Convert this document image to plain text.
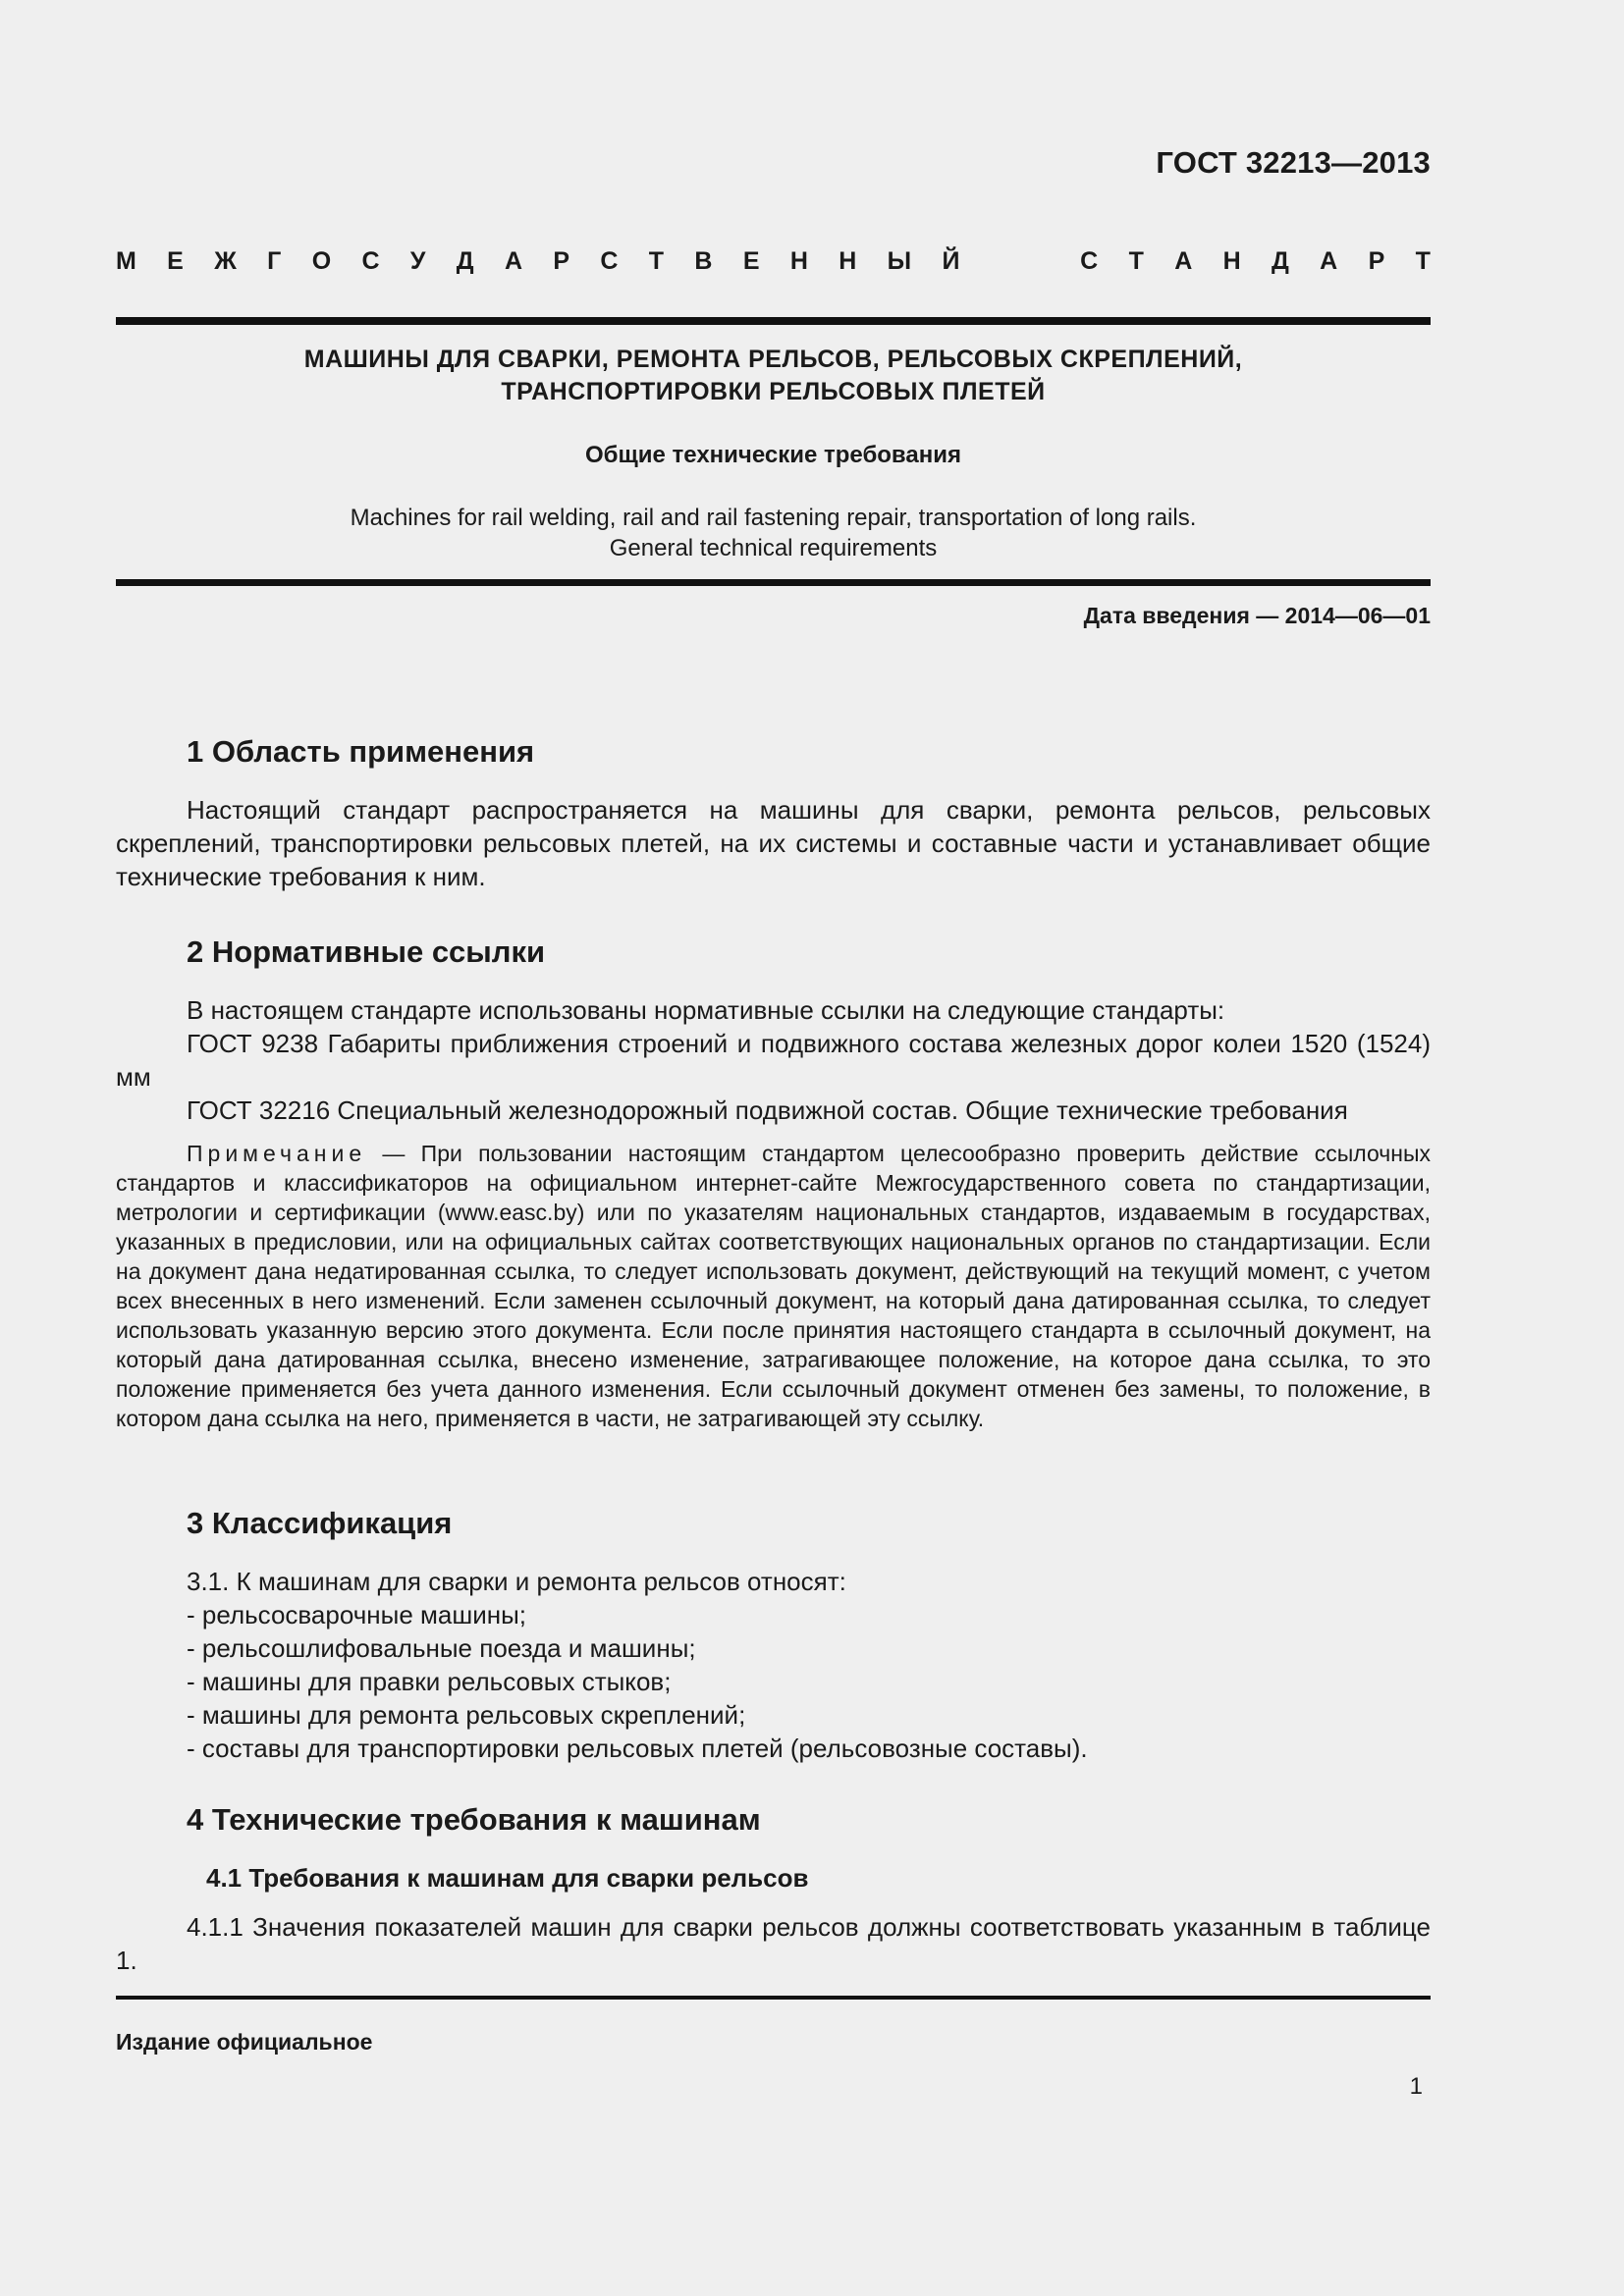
ГОСТ 32213—2013
М Е Ж Г О С У Д А Р С Т В Е Н Н Ы Й	С Т А Н Д А Р Т
МАШИНЫ ДЛЯ СВАРКИ, РЕМОНТА РЕЛЬСОВ, РЕЛЬСОВЫХ СКРЕПЛЕНИЙ,
ТРАНСПОРТИРОВКИ РЕЛЬСОВЫХ ПЛЕТЕЙ
Общие технические требования
Machines for rail welding, rail and rail fastening repair, transportation of long rails.
General technical requirements
Дата введения — 2014—06—01
1 Область применения
Настоящий стандарт распространяется на машины для сварки, ремонта рельсов, рельсовых скреплений, транспортировки рельсовых плетей, на их системы и составные части и устанавливает общие технические требования к ним.
2 Нормативные ссылки
В настоящем стандарте использованы нормативные ссылки на следующие стандарты:
ГОСТ 9238 Габариты приближения строений и подвижного состава железных дорог колеи 1520 (1524) мм
ГОСТ 32216 Специальный железнодорожный подвижной состав. Общие технические требования
Примечание — При пользовании настоящим стандартом целесообразно проверить действие ссылочных стандартов и классификаторов на официальном интернет-сайте Межгосударственного совета по стандартизации, метрологии и сертификации (www.easc.by) или по указателям национальных стандартов, издаваемым в государствах, указанных в предисловии, или на официальных сайтах соответствующих национальных органов по стандартизации. Если на документ дана недатированная ссылка, то следует использовать документ, действующий на текущий момент, с учетом всех внесенных в него изменений. Если заменен ссылочный документ, на который дана датированная ссылка, то следует использовать указанную версию этого документа. Если после принятия настоящего стандарта в ссылочный документ, на который дана датированная ссылка, внесено изменение, затрагивающее положение, на которое дана ссылка, то это положение применяется без учета данного изменения. Если ссылочный документ отменен без замены, то положение, в котором дана ссылка на него, применяется в части, не затрагивающей эту ссылку.
3 Классификация
3.1. К машинам для сварки и ремонта рельсов относят:
- рельсосварочные машины;
- рельсошлифовальные поезда и машины;
- машины для правки рельсовых стыков;
- машины для ремонта рельсовых скреплений;
- составы для транспортировки рельсовых плетей (рельсовозные составы).
4 Технические требования к машинам
4.1 Требования к машинам для сварки рельсов
4.1.1 Значения показателей машин для сварки рельсов должны соответствовать указанным в таблице 1.
Издание официальное
1
